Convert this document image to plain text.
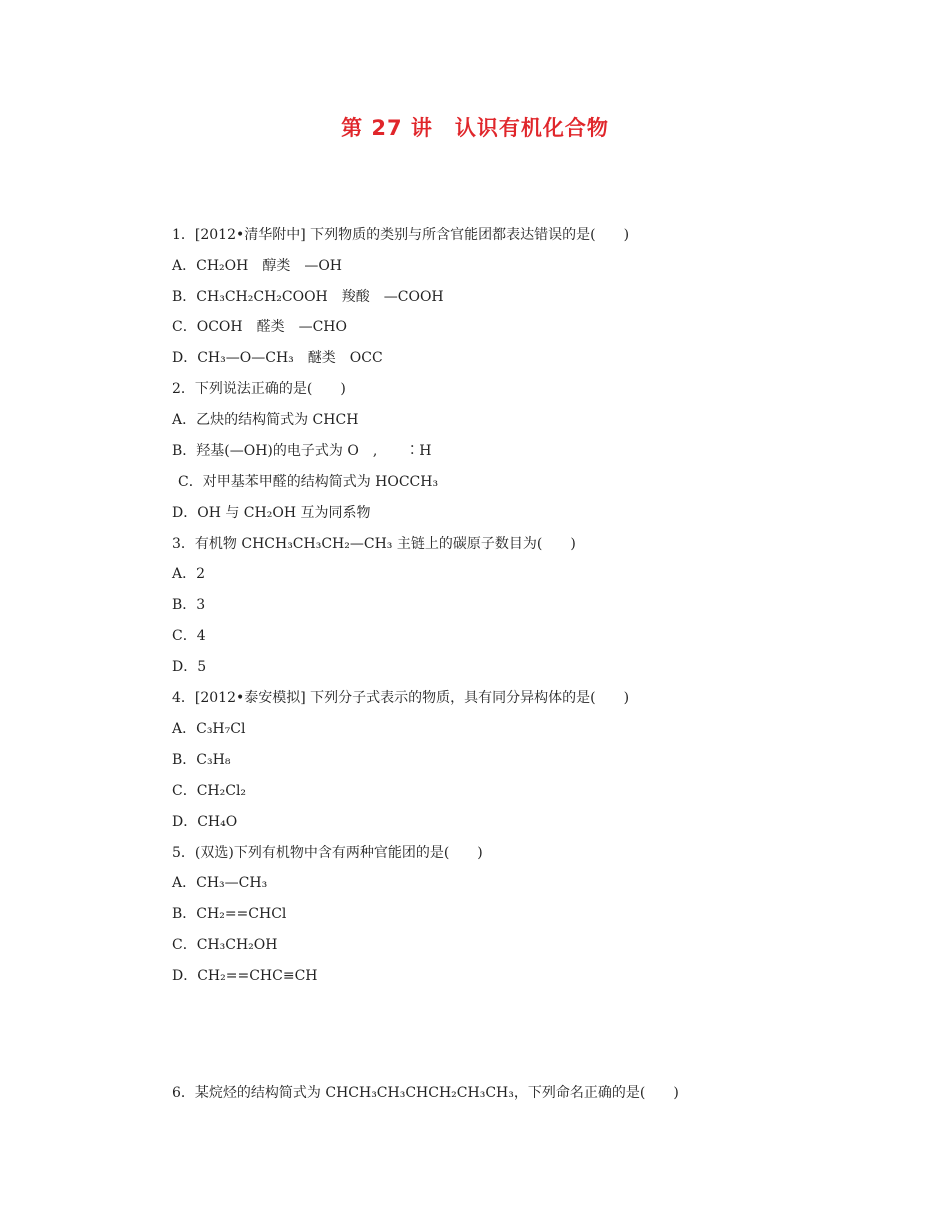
第 27 讲　认识有机化合物
1．[2012•清华附中] 下列物质的类别与所含官能团都表达错误的是(　　)
A．CH₂OH　醇类　—OH
B．CH₃CH₂CH₂COOH　羧酸　—COOH
C．OCOH　醛类　—CHO
D．CH₃—O—CH₃　醚类　OCC
2．下列说法正确的是(　　)
A．乙炔的结构简式为 CHCH
B．羟基(—OH)的电子式为 O　,　　∶H
C．对甲基苯甲醛的结构简式为 HOCCH₃
D．OH 与 CH₂OH 互为同系物
3．有机物 CHCH₃CH₃CH₂—CH₃ 主链上的碳原子数目为(　　)
A．2
B．3
C．4
D．5
4．[2012•泰安模拟] 下列分子式表示的物质，具有同分异构体的是(　　)
A．C₃H₇Cl
B．C₃H₈
C．CH₂Cl₂
D．CH₄O
5．(双选)下列有机物中含有两种官能团的是(　　)
A．CH₃—CH₃
B．CH₂==CHCl
C．CH₃CH₂OH
D．CH₂==CHC≡CH
6．某烷烃的结构简式为 CHCH₃CH₃CHCH₂CH₃CH₃，下列命名正确的是(　　)
